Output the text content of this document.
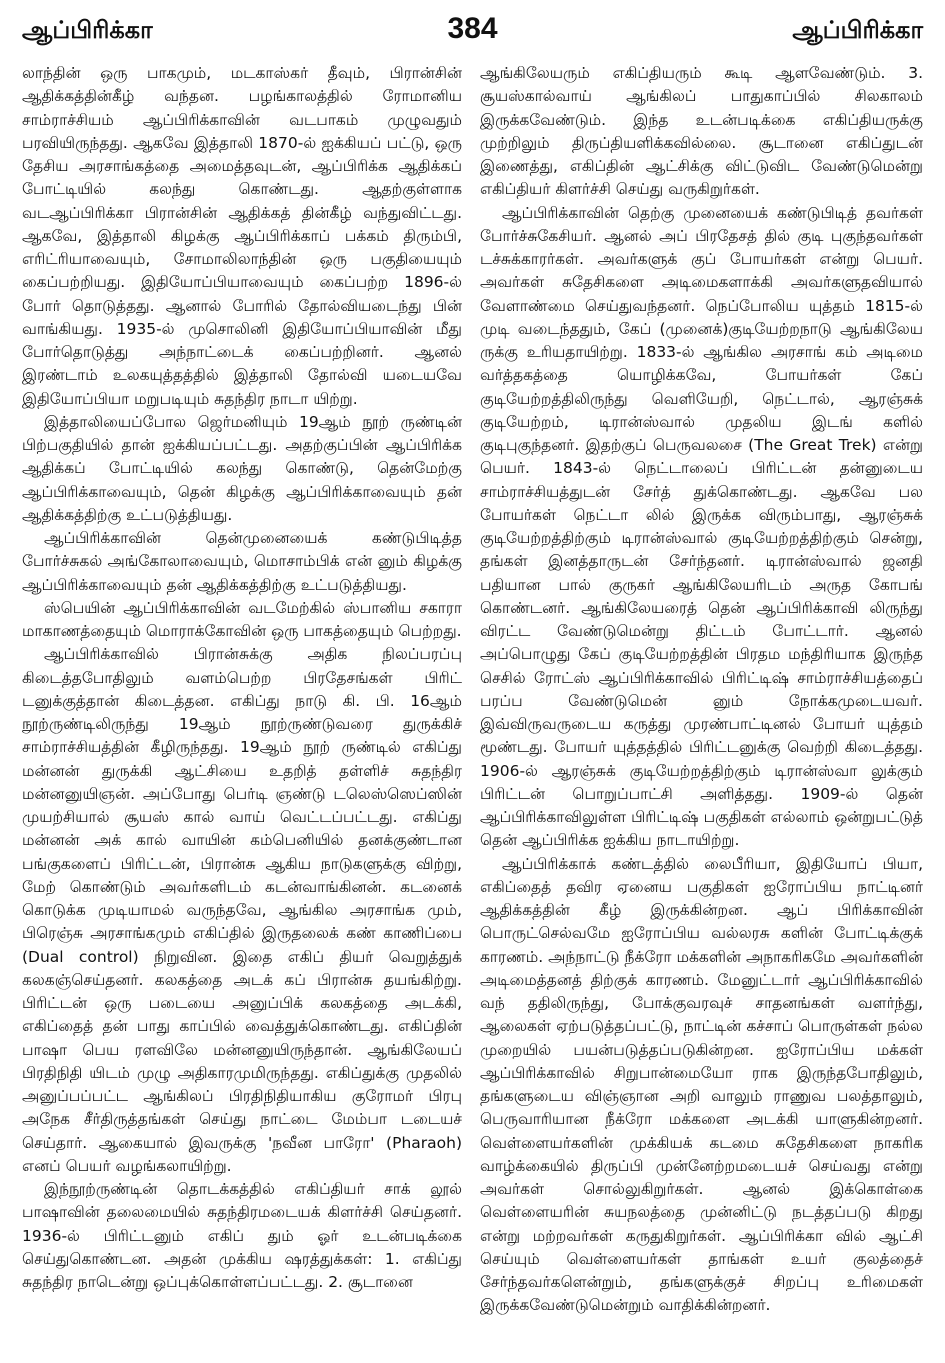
ஆப்பிரிக்கா	384	ஆப்பிரிக்கா

லாந்தின் ஒரு பாகமும், மடகாஸ்கர் தீவும், பிரான்சின் ஆதிக்கத்தின்கீழ் வந்தன. பழங்காலத்தில் ரோமானிய சாம்ராச்சியம் ஆப்பிரிக்காவின் வடபாகம் முழுவதும் பரவியிருந்தது. ஆகவே இத்தாலி 1870-ல் ஐக்கியப் பட்டு, ஒரு தேசிய அரசாங்கத்தை அமைத்தவுடன், ஆப்பிரிக்க ஆதிக்கப் போட்டியில் கலந்து கொண்டது. ஆதற்குள்ளாக வடஆப்பிரிக்கா பிரான்சின் ஆதிக்கத் தின்கீழ் வந்துவிட்டது. ஆகவே, இத்தாலி கிழக்கு ஆப்பிரிக்காப் பக்கம் திரும்பி, எரிட்ரியாவையும், சோமாலிலாந்தின் ஒரு பகுதியையும் கைப்பற்றியது. இதியோப்பியாவையும் கைப்பற்ற 1896-ல் போர் தொடுத்தது. ஆனால் போரில் தோல்வியடைந்து பின் வாங்கியது. 1935-ல் முசொலினி இதியோப்பியாவின் மீது போர்தொடுத்து அந்நாட்டைக் கைப்பற்றினர். ஆனல் இரண்டாம் உலகயுத்தத்தில் இத்தாலி தோல்வி யடையவே இதியோப்பியா மறுபடியும் சுதந்திர நாடா யிற்று.

இத்தாலியைப்போல ஜெர்மனியும் 19ஆம் நூற் ருண்டின் பிற்பகுதியில் தான் ஐக்கியப்பட்டது. அதற்குப்பின் ஆப்பிரிக்க ஆதிக்கப் போட்டியில் கலந்து கொண்டு, தென்மேற்கு ஆப்பிரிக்காவையும், தென் கிழக்கு ஆப்பிரிக்காவையும் தன் ஆதிக்கத்திற்கு உட்படுத்தியது.

ஆப்பிரிக்காவின் தென்முனையைக் கண்டுபிடித்த போர்ச்சுகல் அங்கோலாவையும், மொசாம்பிக் என் னும் கிழக்கு ஆப்பிரிக்காவையும் தன் ஆதிக்கத்திற்கு உட்படுத்தியது.

ஸ்பெயின் ஆப்பிரிக்காவின் வடமேற்கில் ஸ்பானிய சகாரா மாகாணத்தையும் மொராக்கோவின் ஒரு பாகத்தையும் பெற்றது.

ஆப்பிரிக்காவில் பிரான்சுக்கு அதிக நிலப்பரப்பு கிடைத்தபோதிலும் வளம்பெற்ற பிரதேசங்கள் பிரிட் டனுக்குத்தான் கிடைத்தன. எகிப்து நாடு கி. பி. 16ஆம் நூற்ருண்டிலிருந்து 19ஆம் நூற்ருண்டுவரை துருக்கிச் சாம்ராச்சியத்தின் கீழிருந்தது. 19ஆம் நூற் ருண்டில் எகிப்து மன்னன் துருக்கி ஆட்சியை உதறித் தள்ளிச் சுதந்திர மன்னனுயிஞன். அப்போது பெர்டி ஞண்டு டலெஸ்ஸெப்ஸின் முயற்சியால் சூயஸ் கால் வாய் வெட்டப்பட்டது. எகிப்து மன்னன் அக் கால் வாயின் கம்பெனியில் தனக்குண்டான பங்குகளைப் பிரிட்டன், பிரான்சு ஆகிய நாடுகளுக்கு விற்று, மேற் கொண்டும் அவர்களிடம் கடன்வாங்கினன். கடனைக் கொடுக்க முடியாமல் வருந்தவே, ஆங்கில அரசாங்க மும், பிரெஞ்சு அரசாங்கமும் எகிப்தில் இருதலைக் கண் காணிப்பை (Dual control) நிறுவின. இதை எகிப் தியர் வெறுத்துக் கலகஞ்செய்தனர். கலகத்தை அடக் கப் பிரான்சு தயங்கிற்று. பிரிட்டன் ஒரு படையை அனுப்பிக் கலகத்தை அடக்கி, எகிப்தைத் தன் பாது காப்பில் வைத்துக்கொண்டது. எகிப்தின் பாஷா பெய ரளவிலே மன்னனுயிருந்தான். ஆங்கிலேயப் பிரதிநிதி யிடம் முழு அதிகாரமுமிருந்தது. எகிப்துக்கு முதலில் அனுப்பப்பட்ட ஆங்கிலப் பிரதிநிதியாகிய குரோமர் பிரபு அநேக சீர்திருத்தங்கள் செய்து நாட்டை மேம்பா டடையச் செய்தார். ஆகையால் இவருக்கு 'நவீன பாரோ' (Pharaoh) எனப் பெயர் வழங்கலாயிற்று.

இந்நூற்ருண்டின் தொடக்கத்தில் எகிப்தியர் சாக் லூல் பாஷாவின் தலைமையில் சுதந்திரமடையக் கிளர்ச்சி செய்தனர். 1936-ல் பிரிட்டனும் எகிப் தும் ஓர் உடன்படிக்கை செய்துகொண்டன. அதன் முக்கிய ஷரத்துக்கள்: 1. எகிப்து சுதந்திர நாடென்று ஒப்புக்கொள்ளப்பட்டது. 2. சூடானை

ஆங்கிலேயரும் எகிப்தியரும் கூடி ஆளவேண்டும். 3. சூயஸ்கால்வாய் ஆங்கிலப் பாதுகாப்பில் சிலகாலம் இருக்கவேண்டும். இந்த உடன்படிக்கை எகிப்தியருக்கு முற்றிலும் திருப்தியளிக்கவில்லை. சூடானை எகிப்துடன் இணைத்து, எகிப்தின் ஆட்சிக்கு விட்டுவிட வேண்டுமென்று எகிப்தியர் கிளர்ச்சி செய்து வருகிறுர்கள்.

ஆப்பிரிக்காவின் தெற்கு முனையைக் கண்டுபிடித் தவர்கள் போர்ச்சுகேசியர். ஆனல் அப் பிரதேசத் தில் குடி புகுந்தவர்கள் டச்சுக்காரர்கள். அவர்களுக் குப் போயர்கள் என்று பெயர். அவர்கள் சுதேசிகளை அடிமைகளாக்கி அவர்களுதவியால் வேளாண்மை செய்துவந்தனர். நெப்போலிய யுத்தம் 1815-ல் முடி வடைந்ததும், கேப் (முனைக்)குடியேற்றநாடு ஆங்கிலேய ருக்கு உரியதாயிற்று. 1833-ல் ஆங்கில அரசாங் கம் அடிமை வர்த்தகத்தை யொழிக்கவே, போயர்கள் கேப் குடியேற்றத்திலிருந்து வெளியேறி, நெட்டால், ஆரஞ்சுக் குடியேற்றம், டிரான்ஸ்வால் முதலிய இடங் களில் குடிபுகுந்தனர். இதற்குப் பெருவலசை (The Great Trek) என்று பெயர். 1843-ல் நெட்டாலைப் பிரிட்டன் தன்னுடைய சாம்ராச்சியத்துடன் சேர்த் துக்கொண்டது. ஆகவே பல போயர்கள் நெட்டா லில் இருக்க விரும்பாது, ஆரஞ்சுக் குடியேற்றத்திற்கும் டிரான்ஸ்வால் குடியேற்றத்திற்கும் சென்று, தங்கள் இனத்தாருடன் சேர்ந்தனர். டிரான்ஸ்வால் ஜனதி பதியான பால் குருகர் ஆங்கிலேயரிடம் அருத கோபங் கொண்டனர். ஆங்கிலேயரைத் தென் ஆப்பிரிக்காவி லிருந்து விரட்ட வேண்டுமென்று திட்டம் போட்டார். ஆனல் அப்பொழுது கேப் குடியேற்றத்தின் பிரதம மந்திரியாக இருந்த செசில் ரோட்ஸ் ஆப்பிரிக்காவில் பிரிட்டிஷ் சாம்ராச்சியத்தைப் பரப்ப வேண்டுமென் னும் நோக்கமுடையவர். இவ்விருவருடைய கருத்து முரண்பாட்டினல் போயர் யுத்தம் மூண்டது. போயர் யுத்தத்தில் பிரிட்டனுக்கு வெற்றி கிடைத்தது. 1906-ல் ஆரஞ்சுக் குடியேற்றத்திற்கும் டிரான்ஸ்வா லுக்கும் பிரிட்டன் பொறுப்பாட்சி அளித்தது. 1909-ல் தென் ஆப்பிரிக்காவிலுள்ள பிரிட்டிஷ் பகுதிகள் எல்லாம் ஒன்றுபட்டுத் தென் ஆப்பிரிக்க ஐக்கிய நாடாயிற்று.

ஆப்பிரிக்காக் கண்டத்தில் லைபீரியா, இதியோப் பியா, எகிப்தைத் தவிர ஏனைய பகுதிகள் ஐரோப்பிய நாட்டினர் ஆதிக்கத்தின் கீழ் இருக்கின்றன. ஆப் பிரிக்காவின் பொருட்செல்வமே ஐரோப்பிய வல்லரசு களின் போட்டிக்குக் காரணம். அந்நாட்டு நீக்ரோ மக்களின் அநாகரிகமே அவர்களின் அடிமைத்தனத் திற்குக் காரணம். மேனுட்டார் ஆப்பிரிக்காவில் வந் ததிலிருந்து, போக்குவரவுச் சாதனங்கள் வளர்ந்து, ஆலைகள் ஏற்படுத்தப்பட்டு, நாட்டின் கச்சாப் பொருள்கள் நல்ல முறையில் பயன்படுத்தப்படுகின்றன. ஐரோப்பிய மக்கள் ஆப்பிரிக்காவில் சிறுபான்மையோ ராக இருந்தபோதிலும், தங்களுடைய விஞ்ஞான அறி வாலும் ராணுவ பலத்தாலும், பெருவாரியான நீக்ரோ மக்களை அடக்கி யாளுகின்றனர். வெள்ளையர்களின் முக்கியக் கடமை சுதேசிகளை நாகரிக வாழ்க்கையில் திருப்பி முன்னேற்றமடையச் செய்வது என்று அவர்கள் சொல்லுகிறுர்கள். ஆனல் இக்கொள்கை வெள்ளையரின் சுயநலத்தை முன்னிட்டு நடத்தப்படு கிறது என்று மற்றவர்கள் கருதுகிறுர்கள். ஆப்பிரிக்கா வில் ஆட்சி செய்யும் வெள்ளையர்கள் தாங்கள் உயர் குலத்தைச் சேர்ந்தவர்களென்றும், தங்களுக்குச் சிறப்பு உரிமைகள் இருக்கவேண்டுமென்றும் வாதிக்கின்றனர்.
